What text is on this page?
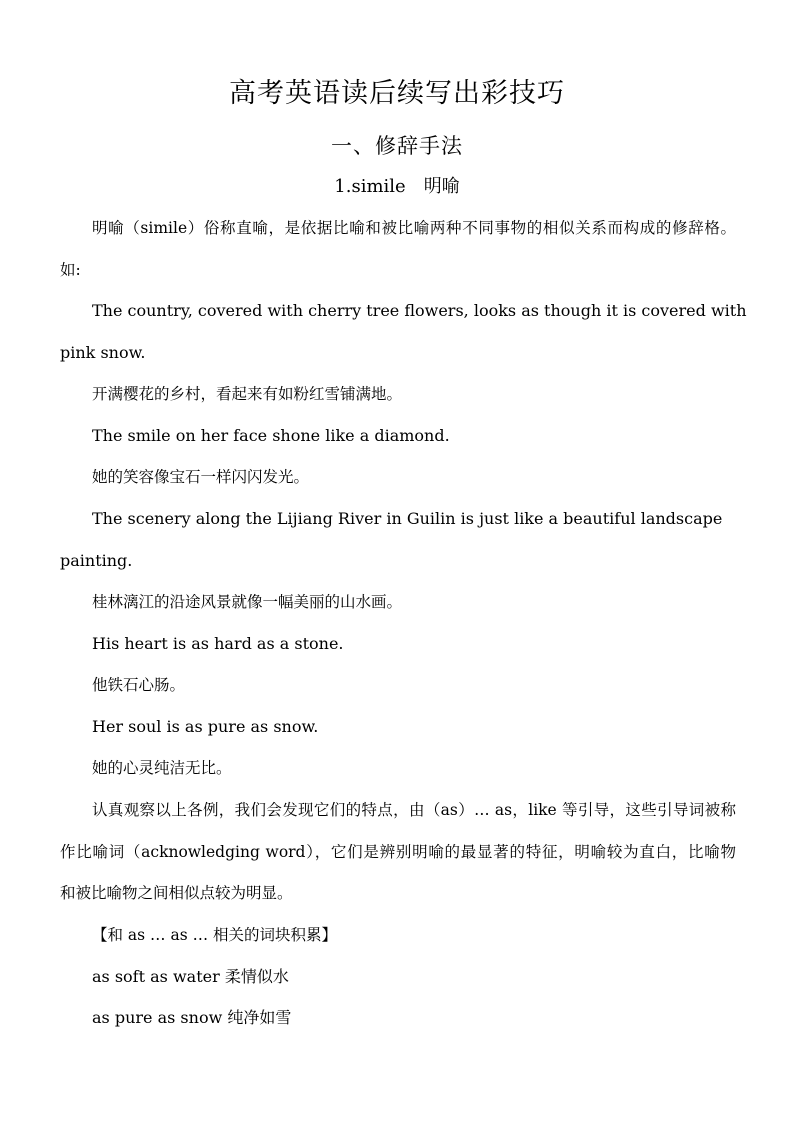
高考英语读后续写出彩技巧
一、修辞手法
1.simile　明喻
明喻（simile）俗称直喻，是依据比喻和被比喻两种不同事物的相似关系而构成的修辞格。
如:
The country, covered with cherry tree flowers, looks as though it is covered with
pink snow.
开满樱花的乡村，看起来有如粉红雪铺满地。
The smile on her face shone like a diamond.
她的笑容像宝石一样闪闪发光。
The scenery along the Lijiang River in Guilin is just like a beautiful landscape
painting.
桂林漓江的沿途风景就像一幅美丽的山水画。
His heart is as hard as a stone.
他铁石心肠。
Her soul is as pure as snow.
她的心灵纯洁无比。
认真观察以上各例，我们会发现它们的特点，由（as）… as，like 等引导，这些引导词被称
作比喻词（acknowledging word），它们是辨别明喻的最显著的特征，明喻较为直白，比喻物
和被比喻物之间相似点较为明显。
【和 as … as … 相关的词块积累】
as soft as water 柔情似水
as pure as snow 纯净如雪
